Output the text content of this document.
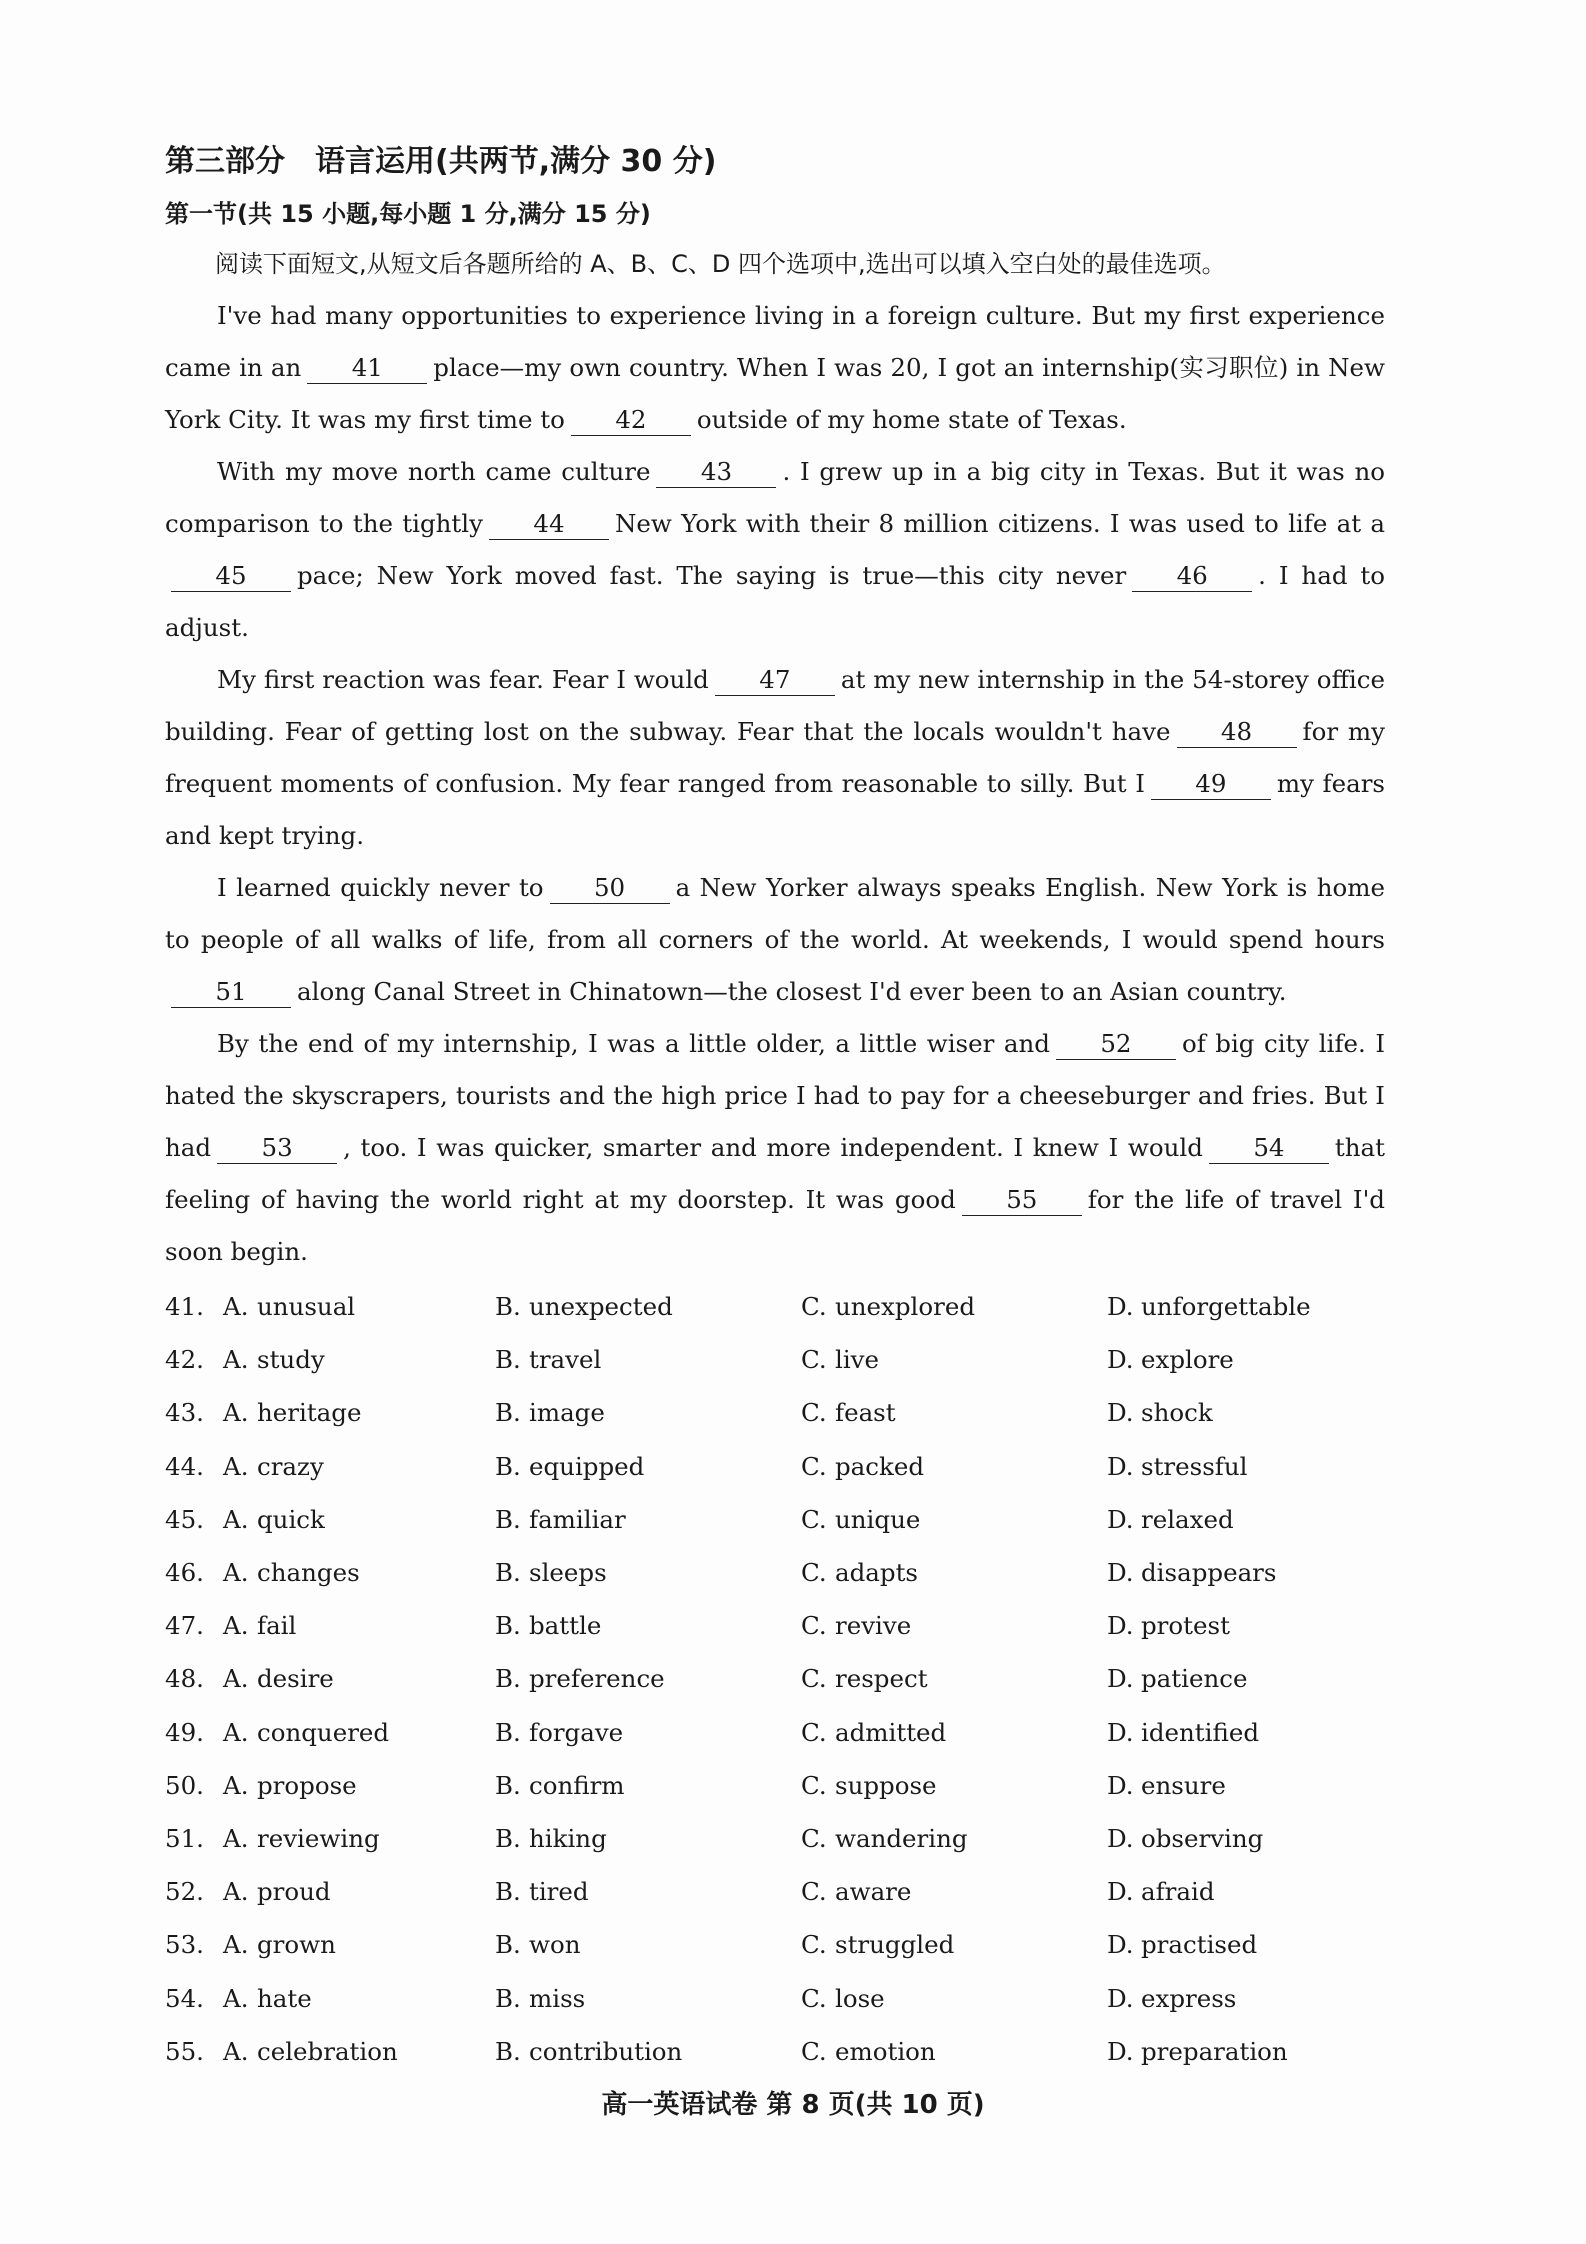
第三部分 语言运用(共两节,满分 30 分)
第一节(共 15 小题,每小题 1 分,满分 15 分)
阅读下面短文,从短文后各题所给的 A、B、C、D 四个选项中,选出可以填入空白处的最佳选项。

I've had many opportunities to experience living in a foreign culture. But my first experience came in an 41 place—my own country. When I was 20, I got an internship(实习职位) in New York City. It was my first time to 42 outside of my home state of Texas.

With my move north came culture 43 . I grew up in a big city in Texas. But it was no comparison to the tightly 44 New York with their 8 million citizens. I was used to life at a45 pace; New York moved fast. The saying is true—this city never 46 . I had to adjust.

My first reaction was fear. Fear I would 47 at my new internship in the 54-storey office building. Fear of getting lost on the subway. Fear that the locals wouldn't have 48 for my frequent moments of confusion. My fear ranged from reasonable to silly. But I 49 my fears and kept trying.

I learned quickly never to 50 a New Yorker always speaks English. New York is home to people of all walks of life, from all corners of the world. At weekends, I would spend hours51 along Canal Street in Chinatown—the closest I'd ever been to an Asian country.

By the end of my internship, I was a little older, a little wiser and 52 of big city life. I hated the skyscrapers, tourists and the high price I had to pay for a cheeseburger and fries. But I had 53 , too. I was quicker, smarter and more independent. I knew I would 54 that feeling of having the world right at my doorstep. It was good 55 for the life of travel I'd soon begin.

41. A. unusual	B. unexpected	C. unexplored	D. unforgettable
42. A. study	B. travel	C. live	D. explore
43. A. heritage	B. image	C. feast	D. shock
44. A. crazy	B. equipped	C. packed	D. stressful
45. A. quick	B. familiar	C. unique	D. relaxed
46. A. changes	B. sleeps	C. adapts	D. disappears
47. A. fail	B. battle	C. revive	D. protest
48. A. desire	B. preference	C. respect	D. patience
49. A. conquered	B. forgave	C. admitted	D. identified
50. A. propose	B. confirm	C. suppose	D. ensure
51. A. reviewing	B. hiking	C. wandering	D. observing
52. A. proud	B. tired	C. aware	D. afraid
53. A. grown	B. won	C. struggled	D. practised
54. A. hate	B. miss	C. lose	D. express
55. A. celebration	B. contribution	C. emotion	D. preparation
高一英语试卷 第 8 页(共 10 页)
